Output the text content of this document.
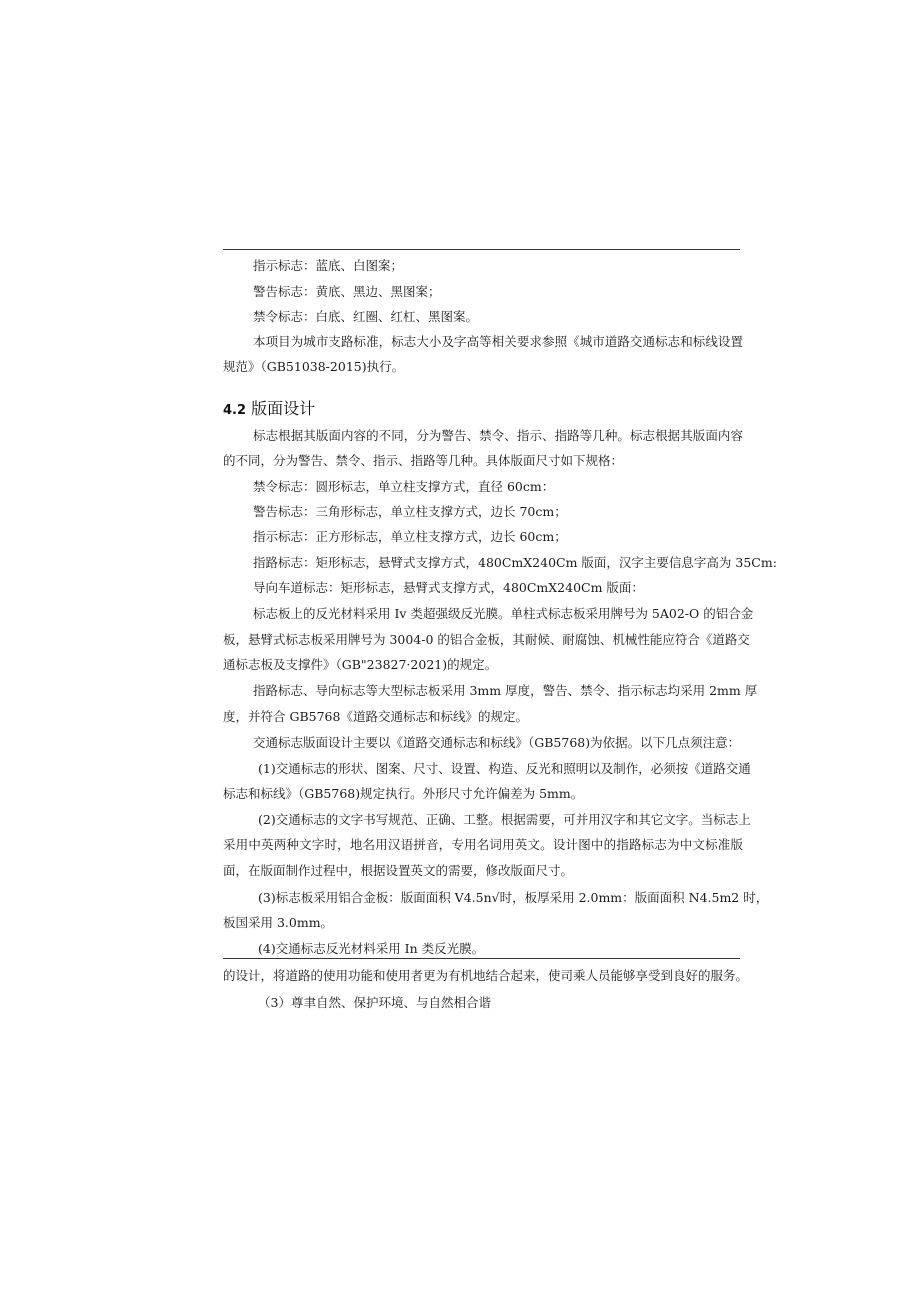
指示标志：蓝底、白图案；
警告标志：黄底、黑边、黑图案；
禁令标志：白底、红圈、红杠、黑图案。
本项目为城市支路标准，标志大小及字高等相关要求参照《城市道路交通标志和标线设置
规范》（GB51038-2015)执行。
4.2 版面设计
标志根据其版面内容的不同，分为警告、禁令、指示、指路等几种。标志根据其版面内容
的不同，分为警告、禁令、指示、指路等几种。具体版面尺寸如下规格：
禁令标志：圆形标志，单立柱支撑方式，直径 60cm：
警告标志：三角形标志，单立柱支撑方式，边长 70cm；
指示标志：正方形标志，单立柱支撑方式，边长 60cm；
指路标志：矩形标志，悬臂式支撑方式，480CmX240Cm 版面，汉字主要信息字高为 35Cm:
导向车道标志：矩形标志，悬臂式支撑方式，480CmX240Cm 版面：
标志板上的反光材料采用 Iv 类超强级反光膜。单柱式标志板采用牌号为 5A02-O 的铝合金
板，悬臂式标志板采用牌号为 3004-0 的铝合金板，其耐候、耐腐蚀、机械性能应符合《道路交
通标志板及支撑件》（GB"23827·2021)的规定。
指路标志、导向标志等大型标志板采用 3mm 厚度，警告、禁令、指示标志均采用 2mm 厚
度，并符合 GB5768《道路交通标志和标线》的规定。
交通标志版面设计主要以《道路交通标志和标线》（GB5768)为依据。以下几点须注意：
(1)交通标志的形状、图案、尺寸、设置、构造、反光和照明以及制作，必须按《道路交通
标志和标线》（GB5768)规定执行。外形尺寸允许偏差为 5mm。
(2)交通标志的文字书写规范、正确、工整。根据需要，可并用汉字和其它文字。当标志上
采用中英两种文字时，地名用汉语拼音，专用名词用英文。设计图中的指路标志为中文标准版
面，在版面制作过程中，根据设置英文的需要，修改版面尺寸。
(3)标志板采用铝合金板：版面面积 V4.5n√时，板厚采用 2.0mm：版面面积 N4.5m2 时，
板国采用 3.0mm。
(4)交通标志反光材料采用 In 类反光膜。
的设计，将道路的使用功能和使用者更为有机地结合起来，使司乘人员能够享受到良好的服务。
（3）尊聿自然、保护环境、与自然相合谐
